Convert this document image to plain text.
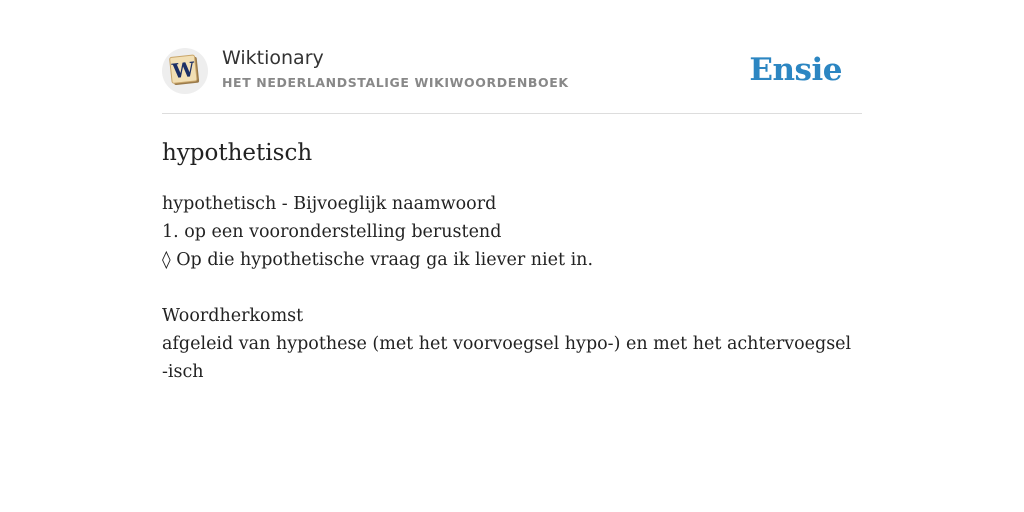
W Wiktionary
HET NEDERLANDSTALIGE WIKIWOORDENBOEK	Ensie
hypothetisch
hypothetisch - Bijvoeglijk naamwoord
1. op een vooronderstelling berustend
◊ Op die hypothetische vraag ga ik liever niet in.
Woordherkomst
afgeleid van hypothese (met het voorvoegsel hypo-) en met het achtervoegsel -isch
